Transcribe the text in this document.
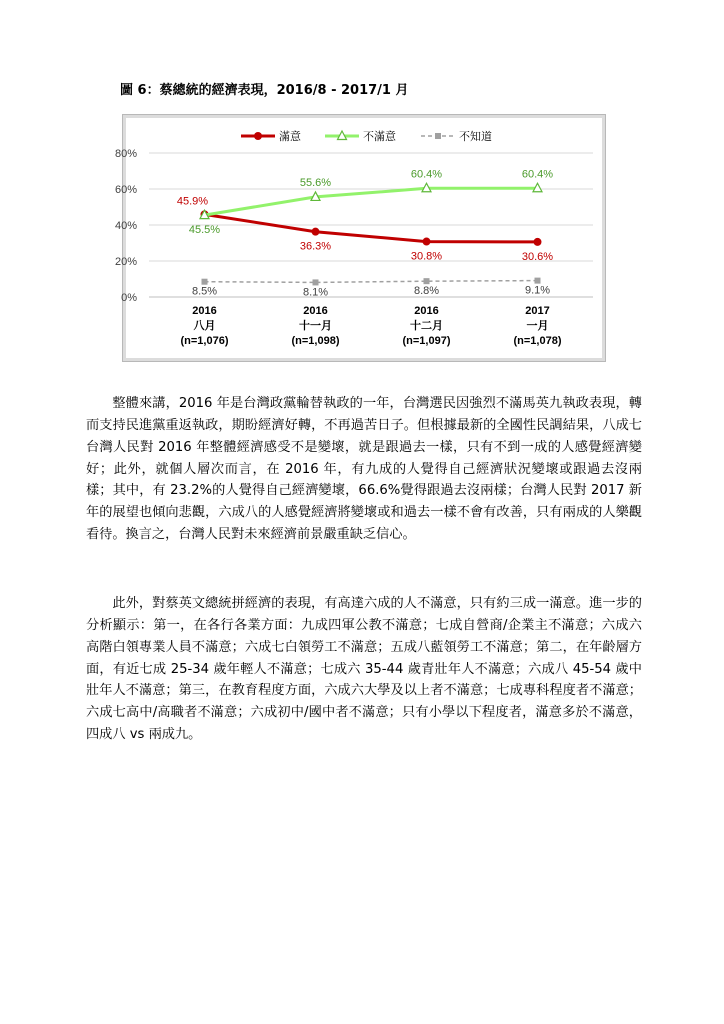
圖 6：蔡總統的經濟表現，2016/8 - 2017/1 月
0%
20%
40%
60%
80%
2016
八月
(n=1,076)
2016
十一月
(n=1,098)
2016
十二月
(n=1,097)
2017
一月
(n=1,078)
45.9%
36.3%
30.8%	30.6%
45.5%
55.6%
60.4%	60.4%
8.5%	8.1%	8.8%	9.1%
滿意	不滿意	不知道

整體來講，2016 年是台灣政黨輪替執政的一年，台灣選民因強烈不滿馬英九執政表現，轉而支持民進黨重返執政，期盼經濟好轉，不再過苦日子。但根據最新的全國性民調結果，八成七台灣人民對 2016 年整體經濟感受不是變壞，就是跟過去一樣，只有不到一成的人感覺經濟變好；此外，就個人層次而言，在 2016 年，有九成的人覺得自己經濟狀況變壞或跟過去沒兩樣；其中，有 23.2%的人覺得自己經濟變壞，66.6%覺得跟過去沒兩樣；台灣人民對 2017 新年的展望也傾向悲觀，六成八的人感覺經濟將變壞或和過去一樣不會有改善，只有兩成的人樂觀看待。換言之，台灣人民對未來經濟前景嚴重缺乏信心。

此外，對蔡英文總統拼經濟的表現，有高達六成的人不滿意，只有約三成一滿意。進一步的分析顯示：第一，在各行各業方面：九成四軍公教不滿意；七成自營商/企業主不滿意；六成六高階白領專業人員不滿意；六成七白領勞工不滿意；五成八藍領勞工不滿意；第二，在年齡層方面，有近七成 25-34 歲年輕人不滿意；七成六 35-44 歲青壯年人不滿意；六成八 45-54 歲中壯年人不滿意；第三，在教育程度方面，六成六大學及以上者不滿意；七成專科程度者不滿意；六成七高中/高職者不滿意；六成初中/國中者不滿意；只有小學以下程度者，滿意多於不滿意，四成八 vs 兩成九。
